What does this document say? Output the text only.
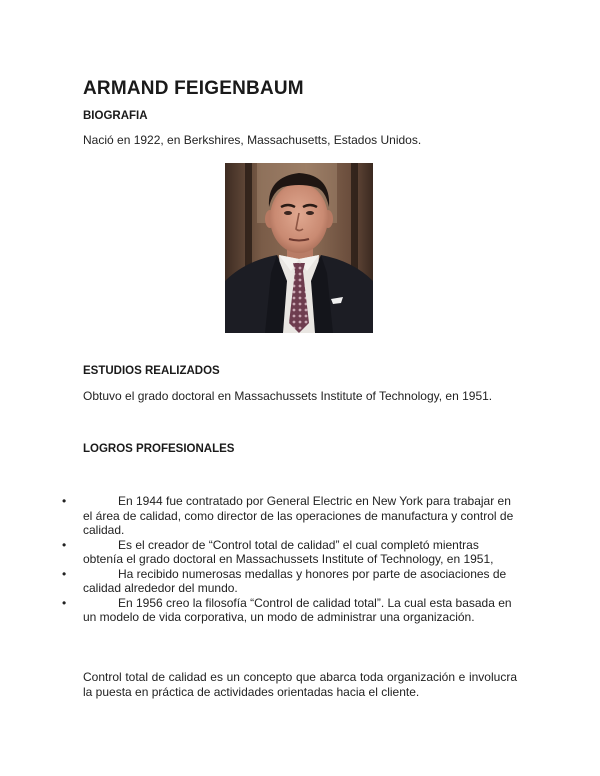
ARMAND FEIGENBAUM
BIOGRAFIA

Nació en 1922, en Berkshires, Massachusetts, Estados Unidos.

ESTUDIOS REALIZADOS

Obtuvo el grado doctoral en Massachussets Institute of Technology, en 1951.

LOGROS PROFESIONALES
•	En 1944 fue contratado por General Electric en New York para trabajar en el área de calidad, como director de las operaciones de manufactura y control de calidad.
•	Es el creador de “Control total de calidad” el cual completó mientras obtenía el grado doctoral en Massachussets Institute of Technology, en 1951,
•	Ha recibido numerosas medallas y honores por parte de asociaciones de calidad alrededor del mundo.
•	En 1956 creo la filosofía “Control de calidad total”. La cual esta basada en un modelo de vida corporativa, un modo de administrar una organización.

Control total de calidad es un concepto que abarca toda organización e involucra la puesta en práctica de actividades orientadas hacia el cliente.
